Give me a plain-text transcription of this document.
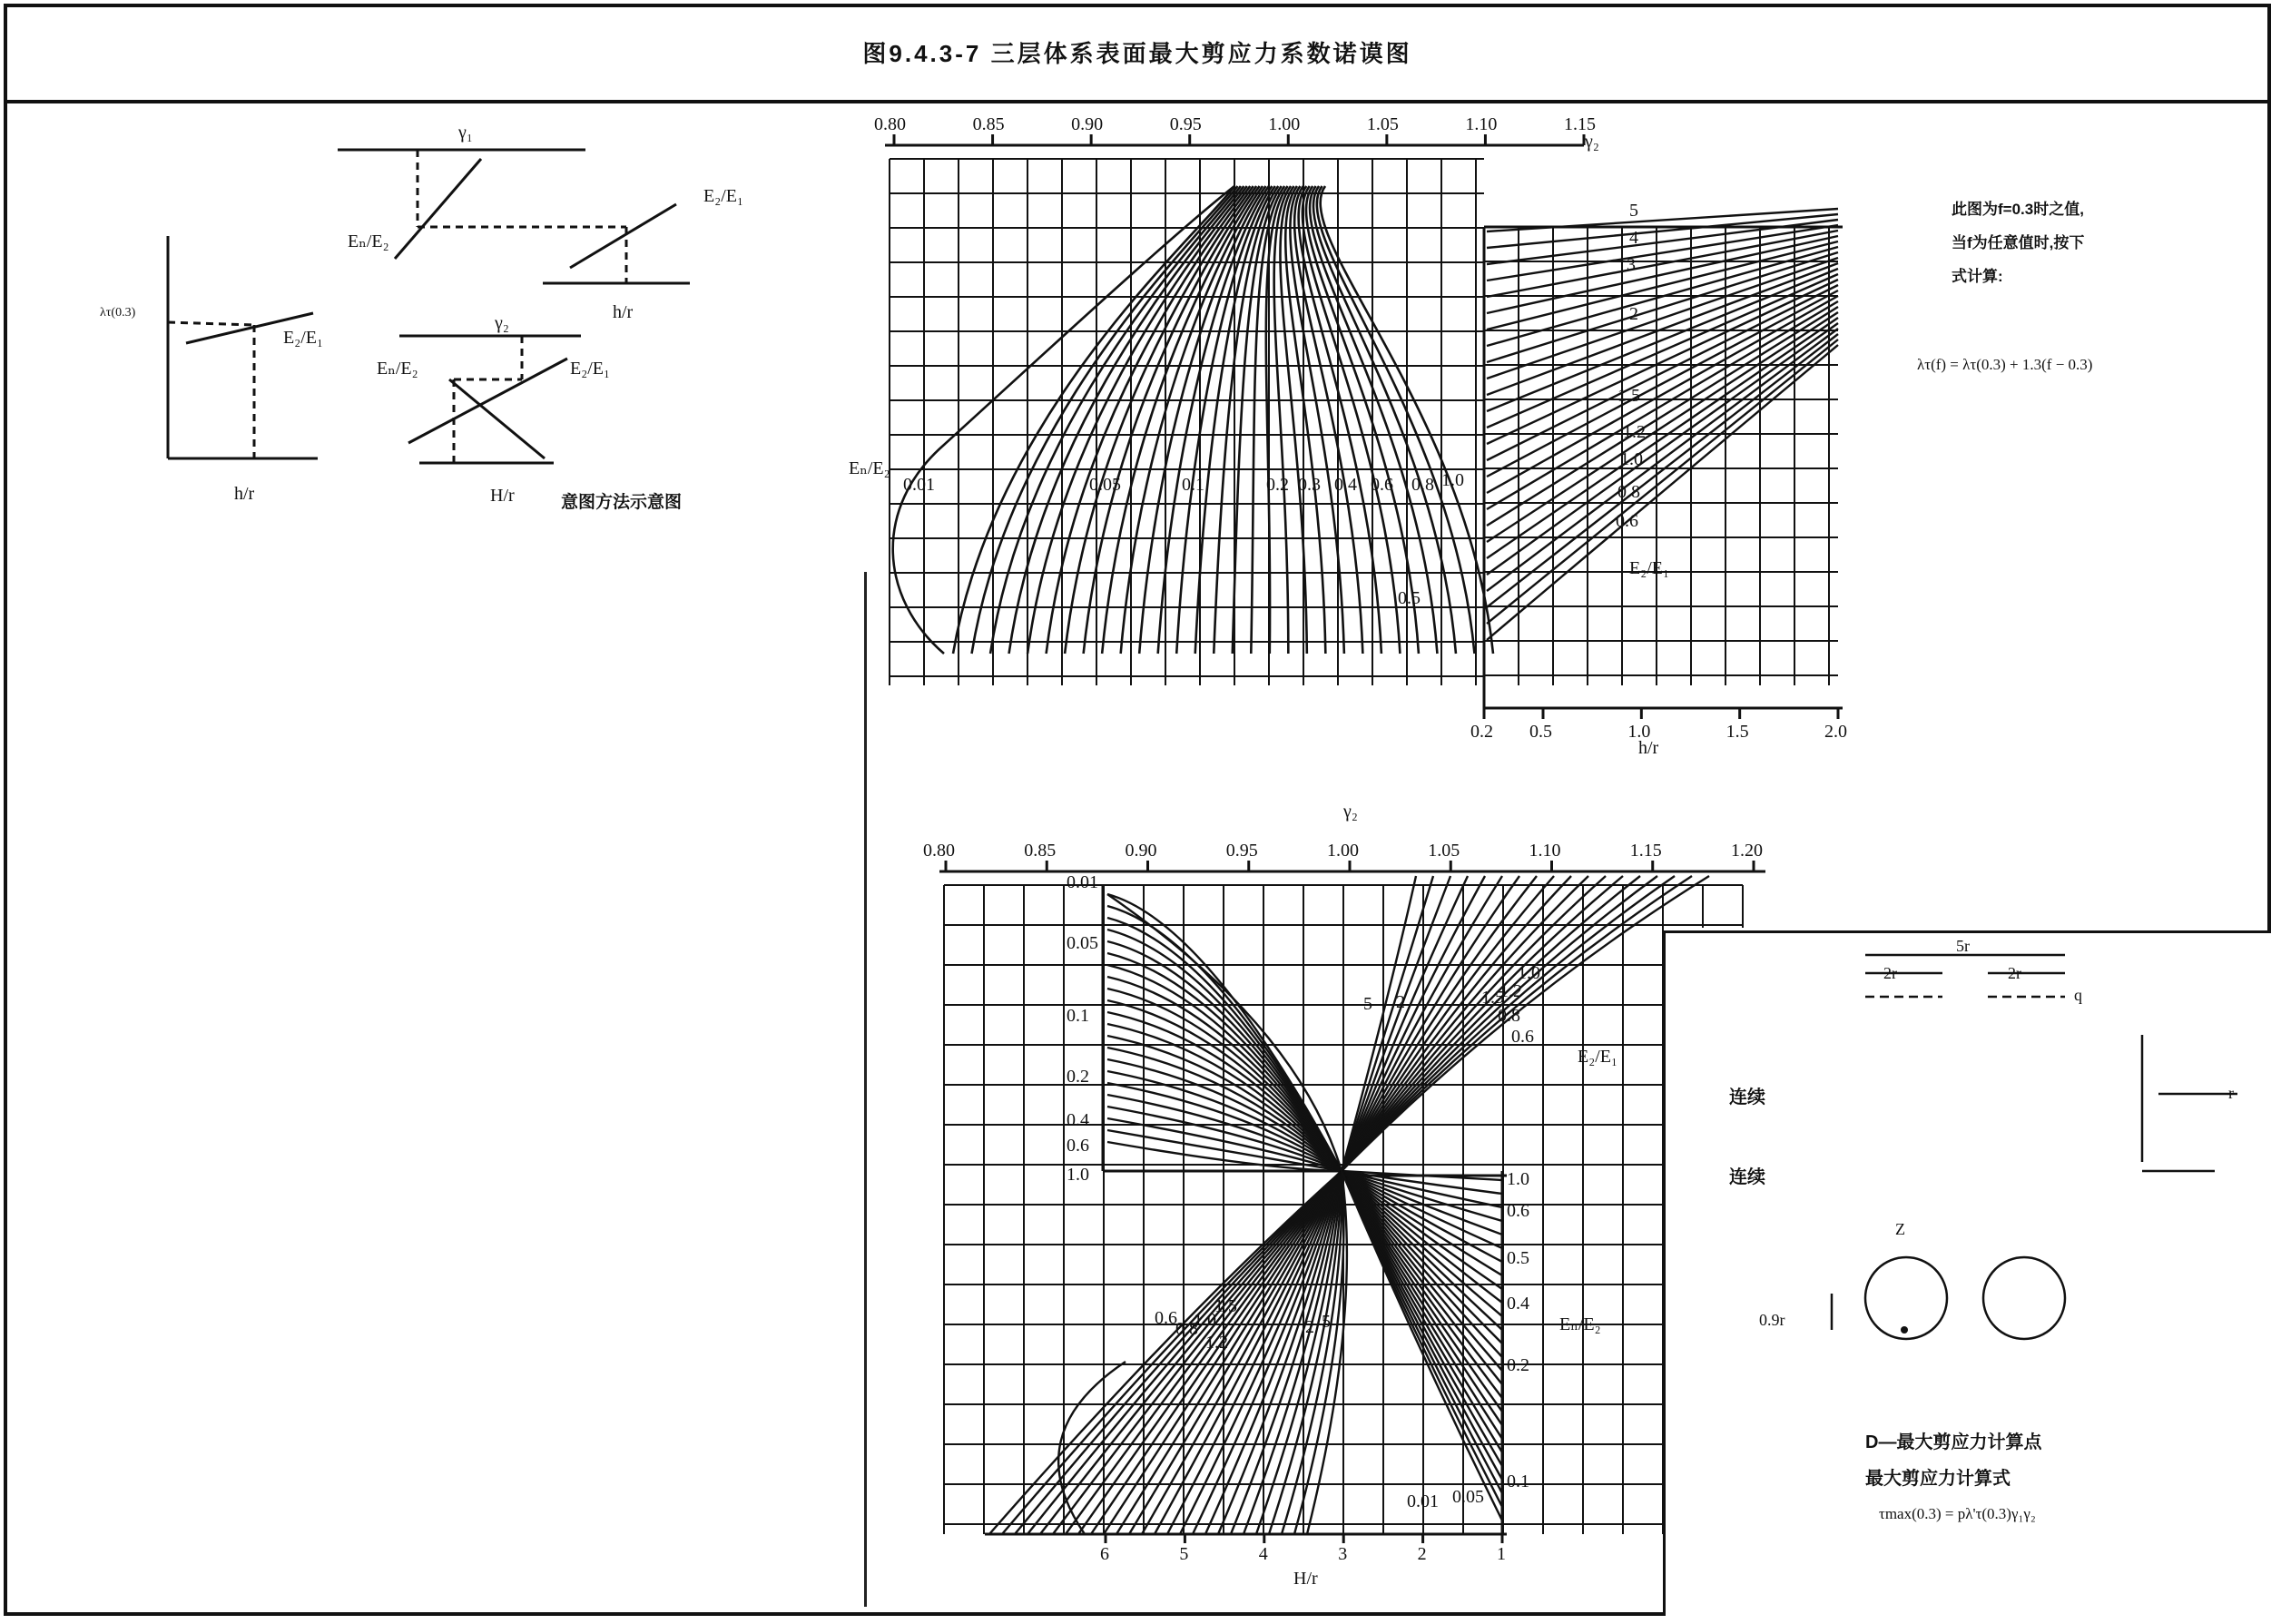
图9.4.3-7 三层体系表面最大剪应力系数诺谟图
γ₁
γ₂
λτ(0.3)
E₂/E₁
E₂/E₁
E₂/E₁
Eₙ/E₂
Eₙ/E₂
h/r
h/r	H/r	意图方法示意图
0.80	0.85	0.90	0.95	1.00	1.05	1.10	1.15
0.2 0.5	1.0	1.5	2.0
0.01	0.05	0.1	0.2 0.3 0.4 0.6 0.8 1.0
0.5
5
4
3
2
1.5
1.2
1.0
0.8
0.6
γ₂
E₂/E₁
Eₙ/E₂
h/r
此图为f=0.3时之值,
当f为任意值时,按下
式计算:
λτ(f) = λτ(0.3) + 1.3(f − 0.3)
0.80	0.85	0.90	0.95	1.00	1.05	1.10	1.15	1.20
6	5	4	3	2	1
0.01
0.05
0.1
0.2
0.4
0.6
1.0	1.0
0.6
0.5
0.4
0.2
0.1
5 2	1.5
1.2
1.0
0.8
0.6
0.6
0.8
1.0
1.2
1.5
2 5
0.01 0.05
γ₂
E₂/E₁
Eₙ/E₂
H/r
5r
2r	2r
q
r
Z
0.9r
连续
连续
D—最大剪应力计算点
最大剪应力计算式
τmax(0.3) = pλ'τ(0.3)γ₁γ₂
